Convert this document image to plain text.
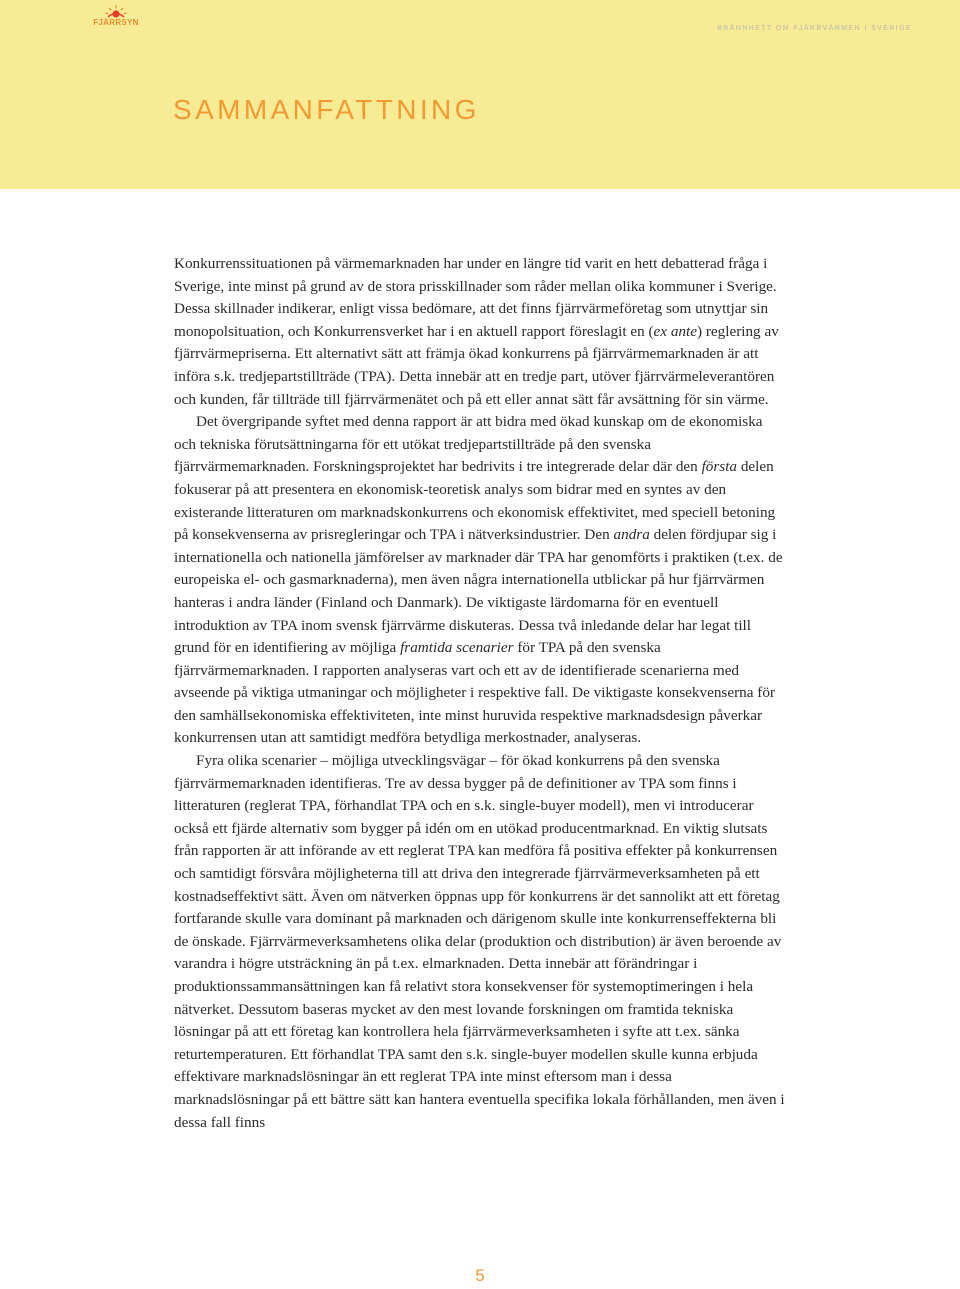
FJÄRRSYN
BRÄNNHETT OM FJÄRRVÄRMEN I SVERIGE
SAMMANFATTNING

Konkurrenssituationen på värmemarknaden har under en längre tid varit en hett debatterad fråga i Sverige, inte minst på grund av de stora prisskillnader som råder mellan olika kommuner i Sverige. Dessa skillnader indikerar, enligt vissa bedömare, att det finns fjärrvärmeföretag som utnyttjar sin monopolsituation, och Konkurrensverket har i en aktuell rapport föreslagit en (ex ante) reglering av fjärrvärmepriserna. Ett alternativt sätt att främja ökad konkurrens på fjärrvärmemarknaden är att införa s.k. tredjepartstillträde (TPA). Detta innebär att en tredje part, utöver fjärrvärmeleverantören och kunden, får tillträde till fjärrvärmenätet och på ett eller annat sätt får avsättning för sin värme.

Det övergripande syftet med denna rapport är att bidra med ökad kunskap om de ekonomiska och tekniska förutsättningarna för ett utökat tredjepartstillträde på den svenska fjärrvärmemarknaden. Forskningsprojektet har bedrivits i tre integrerade delar där den första delen fokuserar på att presentera en ekonomisk-teoretisk analys som bidrar med en syntes av den existerande litteraturen om marknadskonkurrens och ekonomisk effektivitet, med speciell betoning på konsekvenserna av prisregleringar och TPA i nätverksindustrier. Den andra delen fördjupar sig i internationella och nationella jämförelser av marknader där TPA har genomförts i praktiken (t.ex. de europeiska el- och gasmarknaderna), men även några internationella utblickar på hur fjärrvärmen hanteras i andra länder (Finland och Danmark). De viktigaste lärdomarna för en eventuell introduktion av TPA inom svensk fjärrvärme diskuteras. Dessa två inledande delar har legat till grund för en identifiering av möjliga framtida scenarier för TPA på den svenska fjärrvärmemarknaden. I rapporten analyseras vart och ett av de identifierade scenarierna med avseende på viktiga utmaningar och möjligheter i respektive fall. De viktigaste konsekvenserna för den samhällsekonomiska effektiviteten, inte minst huruvida respektive marknadsdesign påverkar konkurrensen utan att samtidigt medföra betydliga merkostnader, analyseras.

Fyra olika scenarier – möjliga utvecklingsvägar – för ökad konkurrens på den svenska fjärrvärmemarknaden identifieras. Tre av dessa bygger på de definitioner av TPA som finns i litteraturen (reglerat TPA, förhandlat TPA och en s.k. single-buyer modell), men vi introducerar också ett fjärde alternativ som bygger på idén om en utökad producentmarknad. En viktig slutsats från rapporten är att införande av ett reglerat TPA kan medföra få positiva effekter på konkurrensen och samtidigt försvåra möjligheterna till att driva den integrerade fjärrvärmeverksamheten på ett kostnadseffektivt sätt. Även om nätverken öppnas upp för konkurrens är det sannolikt att ett företag fortfarande skulle vara dominant på marknaden och därigenom skulle inte konkurrenseffekterna bli de önskade. Fjärrvärmeverksamhetens olika delar (produktion och distribution) är även beroende av varandra i högre utsträckning än på t.ex. elmarknaden. Detta innebär att förändringar i produktionssammansättningen kan få relativt stora konsekvenser för systemoptimeringen i hela nätverket. Dessutom baseras mycket av den mest lovande forskningen om framtida tekniska lösningar på att ett företag kan kontrollera hela fjärrvärmeverksamheten i syfte att t.ex. sänka returtemperaturen. Ett förhandlat TPA samt den s.k. single-buyer modellen skulle kunna erbjuda effektivare marknadslösningar än ett reglerat TPA inte minst eftersom man i dessa marknadslösningar på ett bättre sätt kan hantera eventuella specifika lokala förhållanden, men även i dessa fall finns

5
